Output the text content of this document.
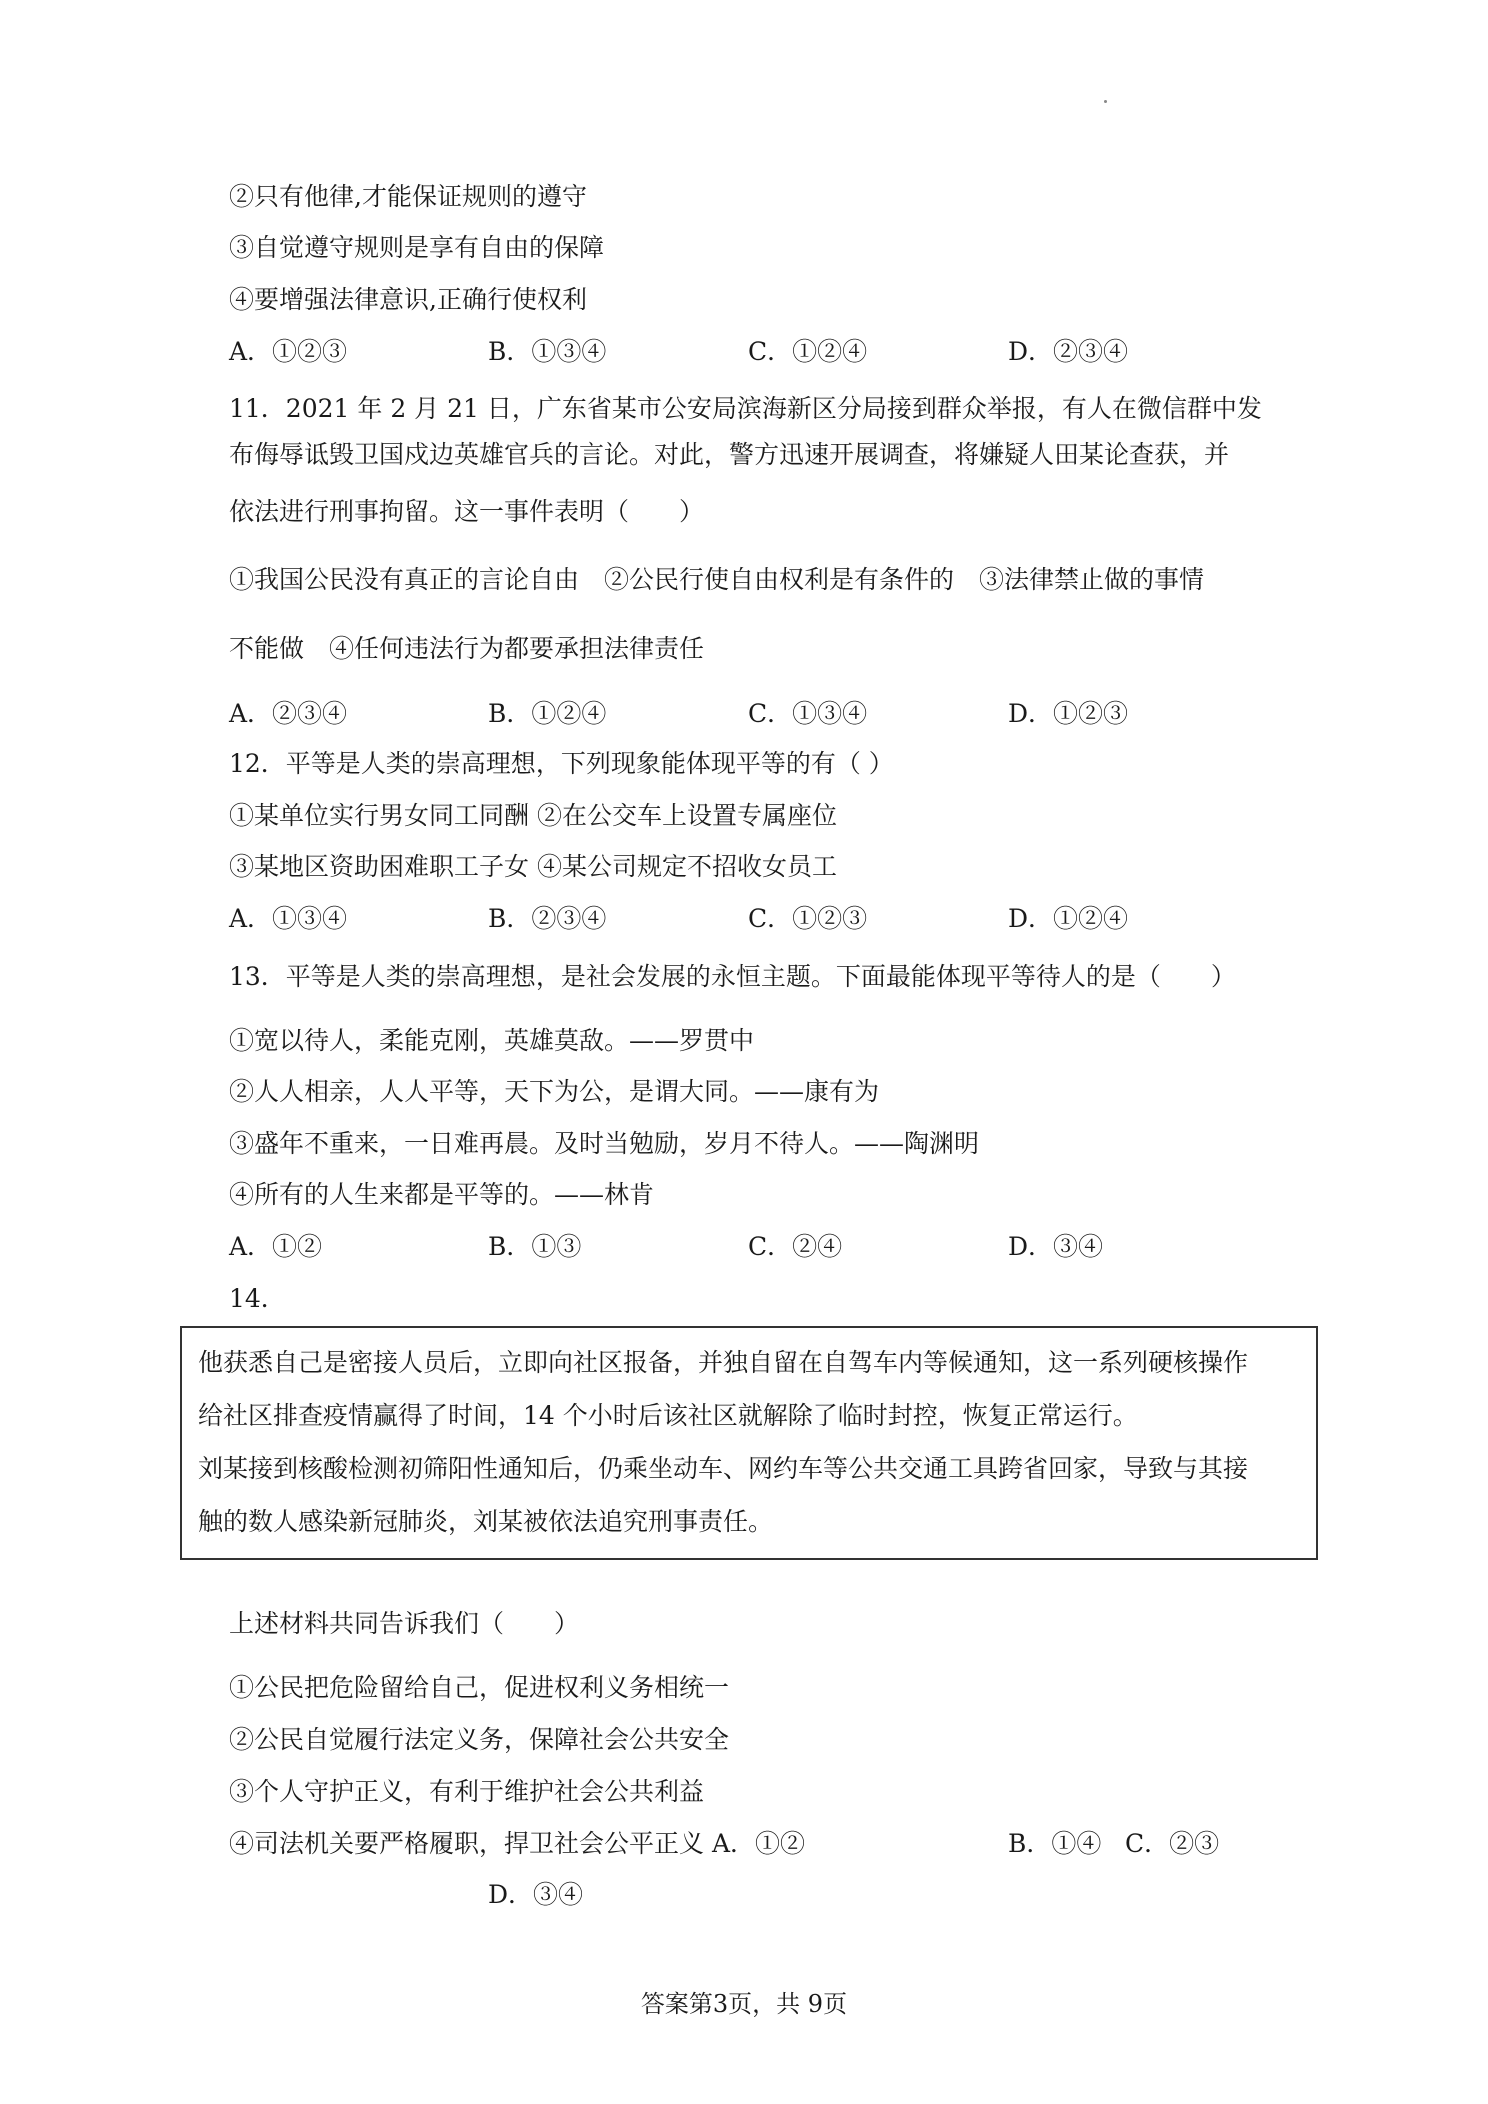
②只有他律,才能保证规则的遵守
③自觉遵守规则是享有自由的保障
④要增强法律意识,正确行使权利
A．①②③	B．①③④	C．①②④	D．②③④
11．2021 年 2 月 21 日，广东省某市公安局滨海新区分局接到群众举报，有人在微信群中发
布侮辱诋毁卫国戍边英雄官兵的言论。对此，警方迅速开展调查，将嫌疑人田某论查获，并
依法进行刑事拘留。这一事件表明（　　）
①我国公民没有真正的言论自由　②公民行使自由权利是有条件的　③法律禁止做的事情
不能做　④任何违法行为都要承担法律责任
A．②③④	B．①②④	C．①③④	D．①②③
12．平等是人类的崇高理想，下列现象能体现平等的有（ ）
①某单位实行男女同工同酬 ②在公交车上设置专属座位
③某地区资助困难职工子女 ④某公司规定不招收女员工
A．①③④	B．②③④	C．①②③	D．①②④
13．平等是人类的崇高理想，是社会发展的永恒主题。下面最能体现平等待人的是（　　）
①宽以待人，柔能克刚，英雄莫敌。——罗贯中
②人人相亲，人人平等，天下为公，是谓大同。——康有为
③盛年不重来，一日难再晨。及时当勉励，岁月不待人。——陶渊明
④所有的人生来都是平等的。——林肯
A．①②	B．①③	C．②④	D．③④
14．
他获悉自己是密接人员后，立即向社区报备，并独自留在自驾车内等候通知，这一系列硬核操作
给社区排查疫情赢得了时间，14 个小时后该社区就解除了临时封控，恢复正常运行。
刘某接到核酸检测初筛阳性通知后，仍乘坐动车、网约车等公共交通工具跨省回家，导致与其接
触的数人感染新冠肺炎，刘某被依法追究刑事责任。
上述材料共同告诉我们（　　）
①公民把危险留给自己，促进权利义务相统一
②公民自觉履行法定义务，保障社会公共安全
③个人守护正义，有利于维护社会公共利益
④司法机关要严格履职，捍卫社会公平正义 A．①②	B．①④ C．②③
D．③④
答案第3页，共 9页
